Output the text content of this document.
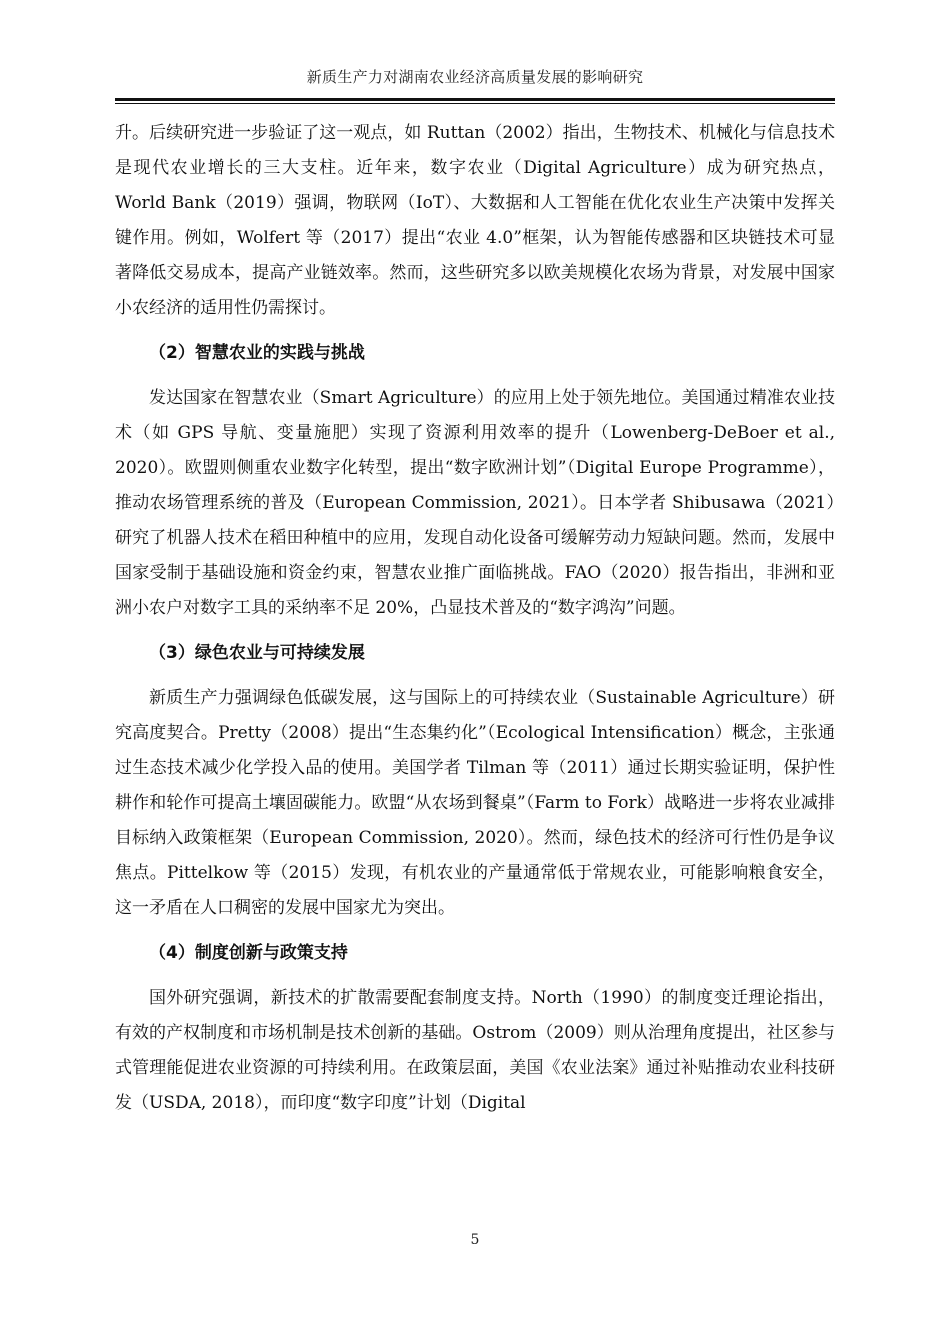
新质生产力对湖南农业经济高质量发展的影响研究

升。后续研究进一步验证了这一观点，如 Ruttan（2002）指出，生物技术、机械化与信息技术是现代农业增长的三大支柱。近年来，数字农业（Digital Agriculture）成为研究热点，World Bank（2019）强调，物联网（IoT）、大数据和人工智能在优化农业生产决策中发挥关键作用。例如，Wolfert 等（2017）提出“农业 4.0”框架，认为智能传感器和区块链技术可显著降低交易成本，提高产业链效率。然而，这些研究多以欧美规模化农场为背景，对发展中国家小农经济的适用性仍需探讨。

（2）智慧农业的实践与挑战

发达国家在智慧农业（Smart Agriculture）的应用上处于领先地位。美国通过精准农业技术（如 GPS 导航、变量施肥）实现了资源利用效率的提升（Lowenberg-DeBoer et al., 2020）。欧盟则侧重农业数字化转型，提出“数字欧洲计划”（Digital Europe Programme），推动农场管理系统的普及（European Commission, 2021）。日本学者 Shibusawa（2021）研究了机器人技术在稻田种植中的应用，发现自动化设备可缓解劳动力短缺问题。然而，发展中国家受制于基础设施和资金约束，智慧农业推广面临挑战。FAO（2020）报告指出，非洲和亚洲小农户对数字工具的采纳率不足 20%，凸显技术普及的“数字鸿沟”问题。

（3）绿色农业与可持续发展

新质生产力强调绿色低碳发展，这与国际上的可持续农业（Sustainable Agriculture）研究高度契合。Pretty（2008）提出“生态集约化”（Ecological Intensification）概念，主张通过生态技术减少化学投入品的使用。美国学者 Tilman 等（2011）通过长期实验证明，保护性耕作和轮作可提高土壤固碳能力。欧盟“从农场到餐桌”（Farm to Fork）战略进一步将农业减排目标纳入政策框架（European Commission, 2020）。然而，绿色技术的经济可行性仍是争议焦点。Pittelkow 等（2015）发现，有机农业的产量通常低于常规农业，可能影响粮食安全，这一矛盾在人口稠密的发展中国家尤为突出。

（4）制度创新与政策支持

国外研究强调，新技术的扩散需要配套制度支持。North（1990）的制度变迁理论指出，有效的产权制度和市场机制是技术创新的基础。Ostrom（2009）则从治理角度提出，社区参与式管理能促进农业资源的可持续利用。在政策层面，美国《农业法案》通过补贴推动农业科技研发（USDA, 2018），而印度“数字印度”计划（Digital

5
